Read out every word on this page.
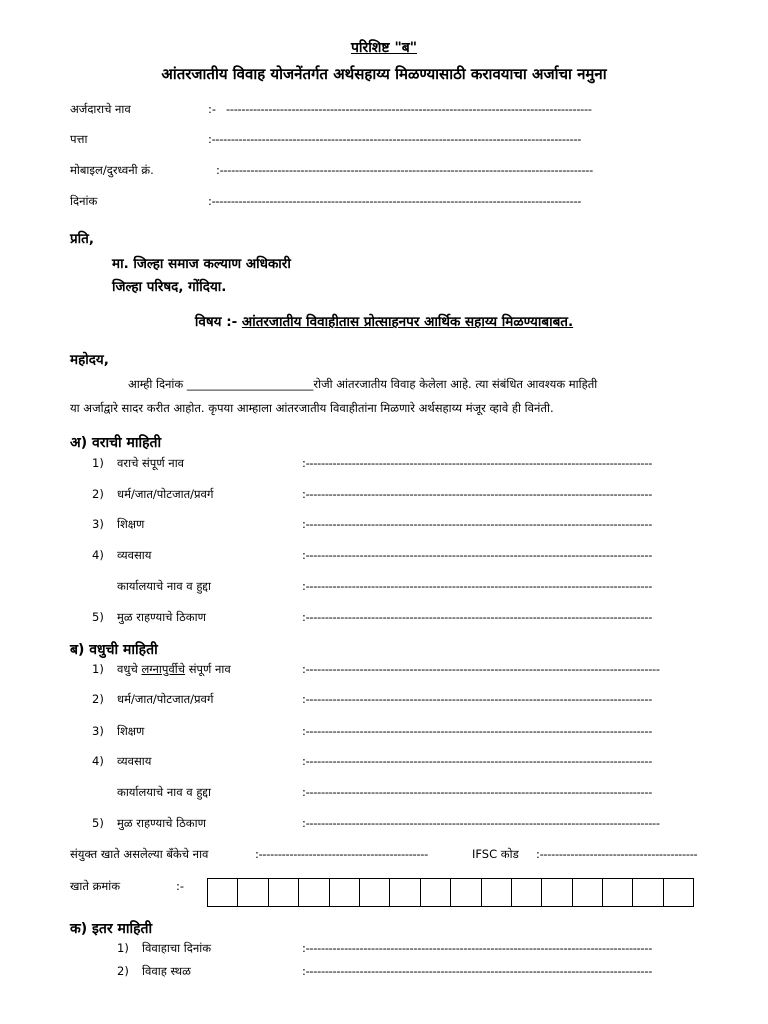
परिशिष्ट "ब"
आंतरजातीय विवाह योजनेंतर्गत अर्थसहाय्य मिळण्यासाठी करावयाचा अर्जाचा नमुना
अर्जदाराचे नाव	:- -----------------------------------------------------------------------------------------------
पत्ता	:------------------------------------------------------------------------------------------------
मोबाइल/दुरध्वनी क्रं.	:-------------------------------------------------------------------------------------------------
दिनांक	:------------------------------------------------------------------------------------------------
प्रति,
मा. जिल्हा समाज कल्याण अधिकारी
जिल्हा परिषद, गोंदिया.
विषय :- आंतरजातीय विवाहीतास प्रोत्साहनपर आर्थिक सहाय्य मिळण्याबाबत.
महोदय,
आम्ही दिनांक ______________________रोजी आंतरजातीय विवाह केलेला आहे. त्या संबंधित आवश्यक माहिती
या अर्जाद्वारे सादर करीत आहोत. कृपया आम्हाला आंतरजातीय विवाहीतांना मिळणारे अर्थसहाय्य मंजूर व्हावे ही विनंती.
अ) वराची माहिती
1) वराचे संपूर्ण नाव	:------------------------------------------------------------------------------------------
2) धर्म/जात/पोटजात/प्रवर्ग	:------------------------------------------------------------------------------------------
3) शिक्षण	:------------------------------------------------------------------------------------------
4) व्यवसाय	:------------------------------------------------------------------------------------------
कार्यालयाचे नाव व हुद्दा	:------------------------------------------------------------------------------------------
5) मुळ राहण्याचे ठिकाण	:------------------------------------------------------------------------------------------
ब) वधुची माहिती
1) वधुचे लग्नापुर्वीचे संपूर्ण नाव	:--------------------------------------------------------------------------------------------
2) धर्म/जात/पोटजात/प्रवर्ग	:------------------------------------------------------------------------------------------
3) शिक्षण	:------------------------------------------------------------------------------------------
4) व्यवसाय	:------------------------------------------------------------------------------------------
कार्यालयाचे नाव व हुद्दा	:------------------------------------------------------------------------------------------
5) मुळ राहण्याचे ठिकाण	:--------------------------------------------------------------------------------------------
संयुक्त खाते असलेल्या बँकेचे नाव	:--------------------------------------------	IFSC कोड :-----------------------------------------
खाते क्रमांक	:-
क) इतर माहिती
1) विवाहाचा दिनांक	:------------------------------------------------------------------------------------------
2) विवाह स्थळ	:------------------------------------------------------------------------------------------
